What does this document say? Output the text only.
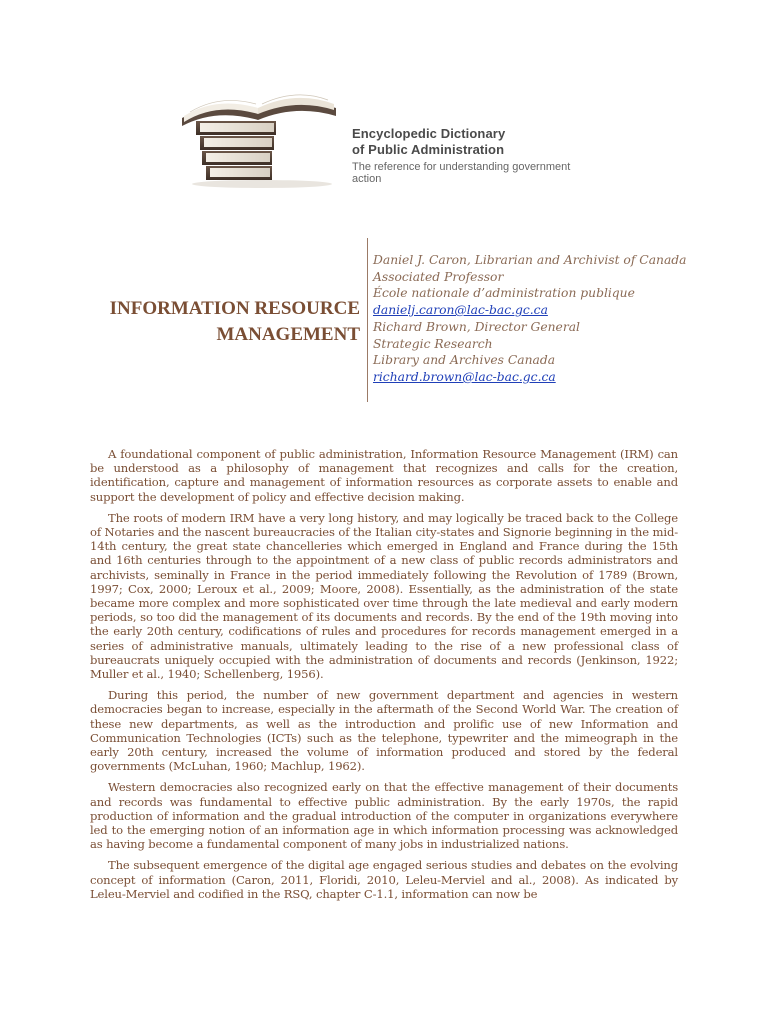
Encyclopedic Dictionary
of Public Administration
The reference for understanding government action
INFORMATION RESOURCE
MANAGEMENT
Daniel J. Caron, Librarian and Archivist of Canada
Associated Professor
École nationale d’administration publique
danielj.caron@lac-bac.gc.ca
Richard Brown, Director General
Strategic Research
Library and Archives Canada
richard.brown@lac-bac.gc.ca

A foundational component of public administration, Information Resource Management (IRM) can be understood as a philosophy of management that recognizes and calls for the creation, identification, capture and management of information resources as corporate assets to enable and support the development of policy and effective decision making.

The roots of modern IRM have a very long history, and may logically be traced back to the College of Notaries and the nascent bureaucracies of the Italian city-states and Signorie beginning in the mid-14th century, the great state chancelleries which emerged in England and France during the 15th and 16th centuries through to the appointment of a new class of public records administrators and archivists, seminally in France in the period immediately following the Revolution of 1789 (Brown, 1997; Cox, 2000; Leroux et al., 2009; Moore, 2008). Essentially, as the administration of the state became more complex and more sophisticated over time through the late medieval and early modern periods, so too did the management of its documents and records. By the end of the 19th moving into the early 20th century, codifications of rules and procedures for records management emerged in a series of administrative manuals, ultimately leading to the rise of a new professional class of bureaucrats uniquely occupied with the administration of documents and records (Jenkinson, 1922; Muller et al., 1940; Schellenberg, 1956).

During this period, the number of new government department and agencies in western democracies began to increase, especially in the aftermath of the Second World War. The creation of these new departments, as well as the introduction and prolific use of new Information and Communication Technologies (ICTs) such as the telephone, typewriter and the mimeograph in the early 20th century, increased the volume of information produced and stored by the federal governments (McLuhan, 1960; Machlup, 1962).

Western democracies also recognized early on that the effective management of their documents and records was fundamental to effective public administration. By the early 1970s, the rapid production of information and the gradual introduction of the computer in organizations everywhere led to the emerging notion of an information age in which information processing was acknowledged as having become a fundamental component of many jobs in industrialized nations.

The subsequent emergence of the digital age engaged serious studies and debates on the evolving concept of information (Caron, 2011, Floridi, 2010, Leleu-Merviel and al., 2008). As indicated by Leleu-Merviel and codified in the RSQ, chapter C-1.1, information can now be
